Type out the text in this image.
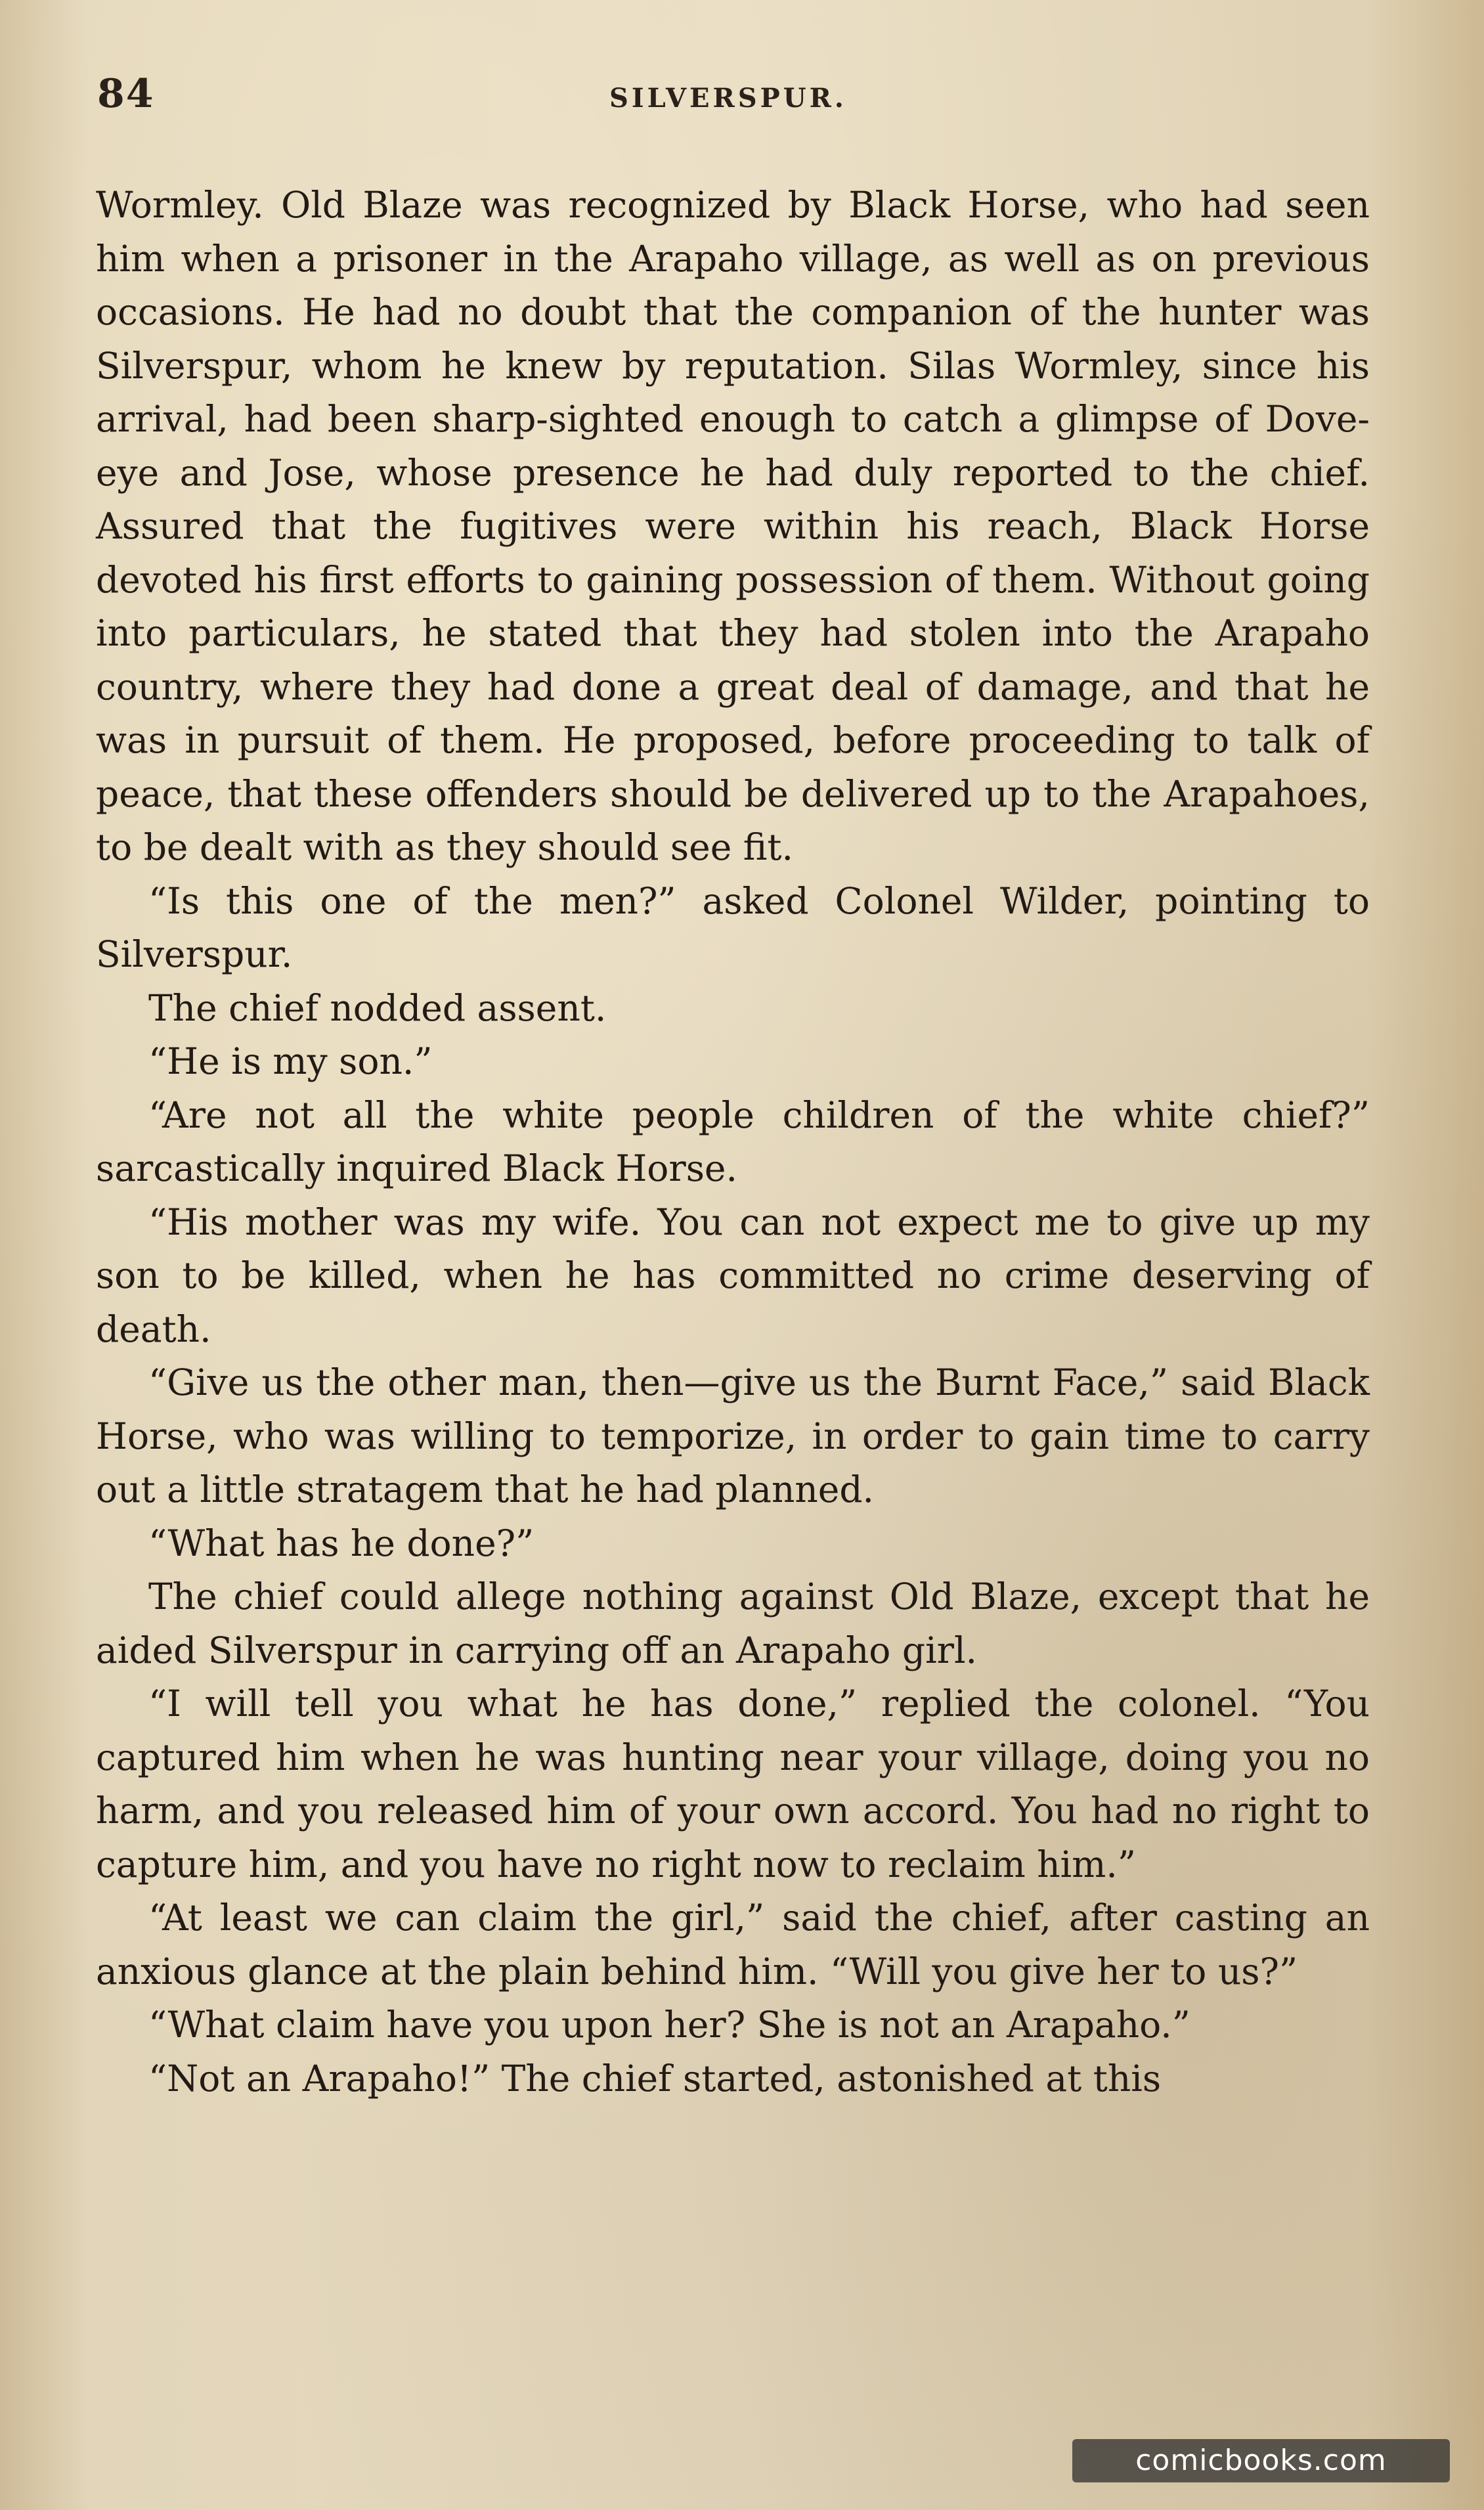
84	SILVERSPUR.

Wormley. Old Blaze was recognized by Black Horse, who had seen him when a prisoner in the Arapaho village, as well as on previous occasions. He had no doubt that the companion of the hunter was Silverspur, whom he knew by reputation. Silas Wormley, since his arrival, had been sharp-sighted enough to catch a glimpse of Dove-eye and Jose, whose presence he had duly reported to the chief. Assured that the fugitives were within his reach, Black Horse devoted his first efforts to gaining possession of them. Without going into particulars, he stated that they had stolen into the Arapaho country, where they had done a great deal of damage, and that he was in pursuit of them. He proposed, before proceeding to talk of peace, that these offenders should be delivered up to the Arapahoes, to be dealt with as they should see fit.

“Is this one of the men?” asked Colonel Wilder, pointing to Silverspur.

The chief nodded assent.

“He is my son.”

“Are not all the white people children of the white chief?” sarcastically inquired Black Horse.

“His mother was my wife. You can not expect me to give up my son to be killed, when he has committed no crime deserving of death.

“Give us the other man, then—give us the Burnt Face,” said Black Horse, who was willing to temporize, in order to gain time to carry out a little stratagem that he had planned.

“What has he done?”

The chief could allege nothing against Old Blaze, except that he aided Silverspur in carrying off an Arapaho girl.

“I will tell you what he has done,” replied the colonel. “You captured him when he was hunting near your village, doing you no harm, and you released him of your own accord. You had no right to capture him, and you have no right now to reclaim him.”

“At least we can claim the girl,” said the chief, after casting an anxious glance at the plain behind him. “Will you give her to us?”

“What claim have you upon her? She is not an Arapaho.”

“Not an Arapaho!” The chief started, astonished at this

comicbooks.com
